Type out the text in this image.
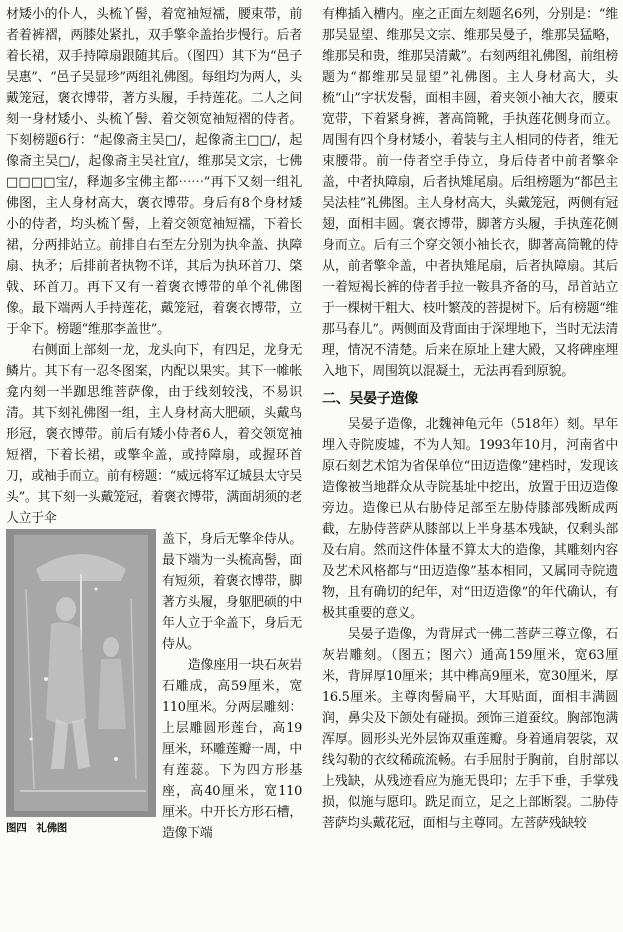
材矮小的仆人，头梳丫髻，着宽袖短襦，腰束带，前者着裤褶，两膝处紧扎，双手擎伞盖抬步慢行。后者着长裙，双手持障扇跟随其后。（图四）其下为“邑子吴惠”、“邑子吴显珍”两组礼佛图。每组均为两人，头戴笼冠，褒衣博带，著方头履，手持莲花。二人之间刻一身材矮小、头梳丫髻、着交领宽袖短褶的侍者。下刻榜题6行：“起像斋主吴□/，起像斋主□□/，起像斋主吴□/，起像斋主吴社宜/，维那吴文宗，七佛□□□□宝/，释迦多宝佛主都⋯⋯”再下又刻一组礼佛图，主人身材高大，褒衣博带。身后有8个身材矮小的侍者，均头梳丫髻，上着交领宽袖短襦，下着长裙，分两排站立。前排自右至左分别为执伞盖、执障扇、执矛；后排前者执物不详，其后为执环首刀、棨戟、环首刀。再下又有一着褒衣博带的单个礼佛图像。最下端两人手持莲花，戴笼冠，着褒衣博带，立于伞下。榜题“维那李盖世”。

右侧面上部刻一龙，龙头向下，有四足，龙身无鳞片。其下有一忍冬图案，内配以果实。其下一帷帐龛内刻一半跏思维菩萨像，由于线刻较浅，不易识清。其下刻礼佛图一组，主人身材高大肥硕，头戴鸟形冠，褒衣博带。前后有矮小侍者6人，着交领宽袖短褶，下着长裙，或擎伞盖，或持障扇，或握环首刀，或袖手而立。前有榜题：“威远将军辽城县太守吴头”。其下刻一头戴笼冠，着褒衣博带，满面胡须的老人立于伞

图四 礼佛图

盖下，身后无擎伞侍从。最下端为一头梳高髻，面有短须，着褒衣博带，脚著方头履，身躯肥硕的中年人立于伞盖下，身后无侍从。

造像座用一块石灰岩石雕成，高59厘米，宽110厘米。分两层雕刻：上层雕圆形莲台，高19厘米，环雕莲瓣一周，中有莲蕊。下为四方形基座，高40厘米，宽110厘米。中开长方形石槽，造像下端

有榫插入槽内。座之正面左刻题名6列，分别是：“维那吴显望、维那吴文宗、维那吴曼子，维那吴猛略，维那吴和贵，维那吴清戴”。右刻两组礼佛图，前组榜题为“都维那吴显望”礼佛图。主人身材高大，头梳“山”字状发髻，面相丰圆，着夹领小袖大衣，腰束宽带，下着紧身裤，著高筒靴，手执莲花侧身而立。周围有四个身材矮小，着装与主人相同的侍者，维无束腰带。前一侍者空手侍立，身后侍者中前者擎伞盖，中者执障扇，后者执雉尾扇。后组榜题为“都邑主吴法桂”礼佛图。主人身材高大，头戴笼冠，两侧有冠翅，面相丰圆。褒衣博带，脚著方头履，手执莲花侧身而立。后有三个穿交领小袖长衣，脚著高筒靴的侍从，前者擎伞盖，中者执雉尾扇，后者执障扇。其后一着短褐长裤的侍者手拉一鞍具齐备的马，昂首站立于一棵树干粗大、枝叶繁茂的菩提树下。后有榜题“维那马春儿”。两侧面及背面由于深埋地下，当时无法清理，情况不清楚。后来在原址上建大殿，又将碑座埋入地下，周围筑以混凝土，无法再看到原貌。

二、吴晏子造像

吴晏子造像，北魏神龟元年（518年）刻。早年埋入寺院废墟，不为人知。1993年10月，河南省中原石刻艺术馆为省保单位“田迈造像”建档时，发现该造像被当地群众从寺院基址中挖出，放置于田迈造像旁边。造像已从右胁侍足部至左胁侍膝部残断成两截，左胁侍菩萨从膝部以上半身基本残缺，仅剩头部及右肩。然而这件体量不算太大的造像，其雕刻内容及艺术风格都与“田迈造像”基本相同，又属同寺院遗物，且有确切的纪年，对“田迈造像”的年代确认，有极其重要的意义。

吴晏子造像，为背屏式一佛二菩萨三尊立像，石灰岩雕刻。（图五；图六）通高159厘米，宽63厘米，背屏厚10厘米；其中榫高9厘米，宽30厘米，厚16.5厘米。主尊肉髻扁平，大耳贴面，面相丰满圆润，鼻尖及下颌处有碰损。颈饰三道蚕纹。胸部饱满浑厚。圆形头光外层饰双重莲瓣。身着通肩袈裟，双线勾勒的衣纹稀疏流畅。右手屈肘于胸前，自肘部以上残缺，从残迹看应为施无畏印；左手下垂，手掌残损，似施与愿印。跣足而立，足之上部断裂。二胁侍菩萨均头戴花冠，面相与主尊同。左菩萨残缺较
